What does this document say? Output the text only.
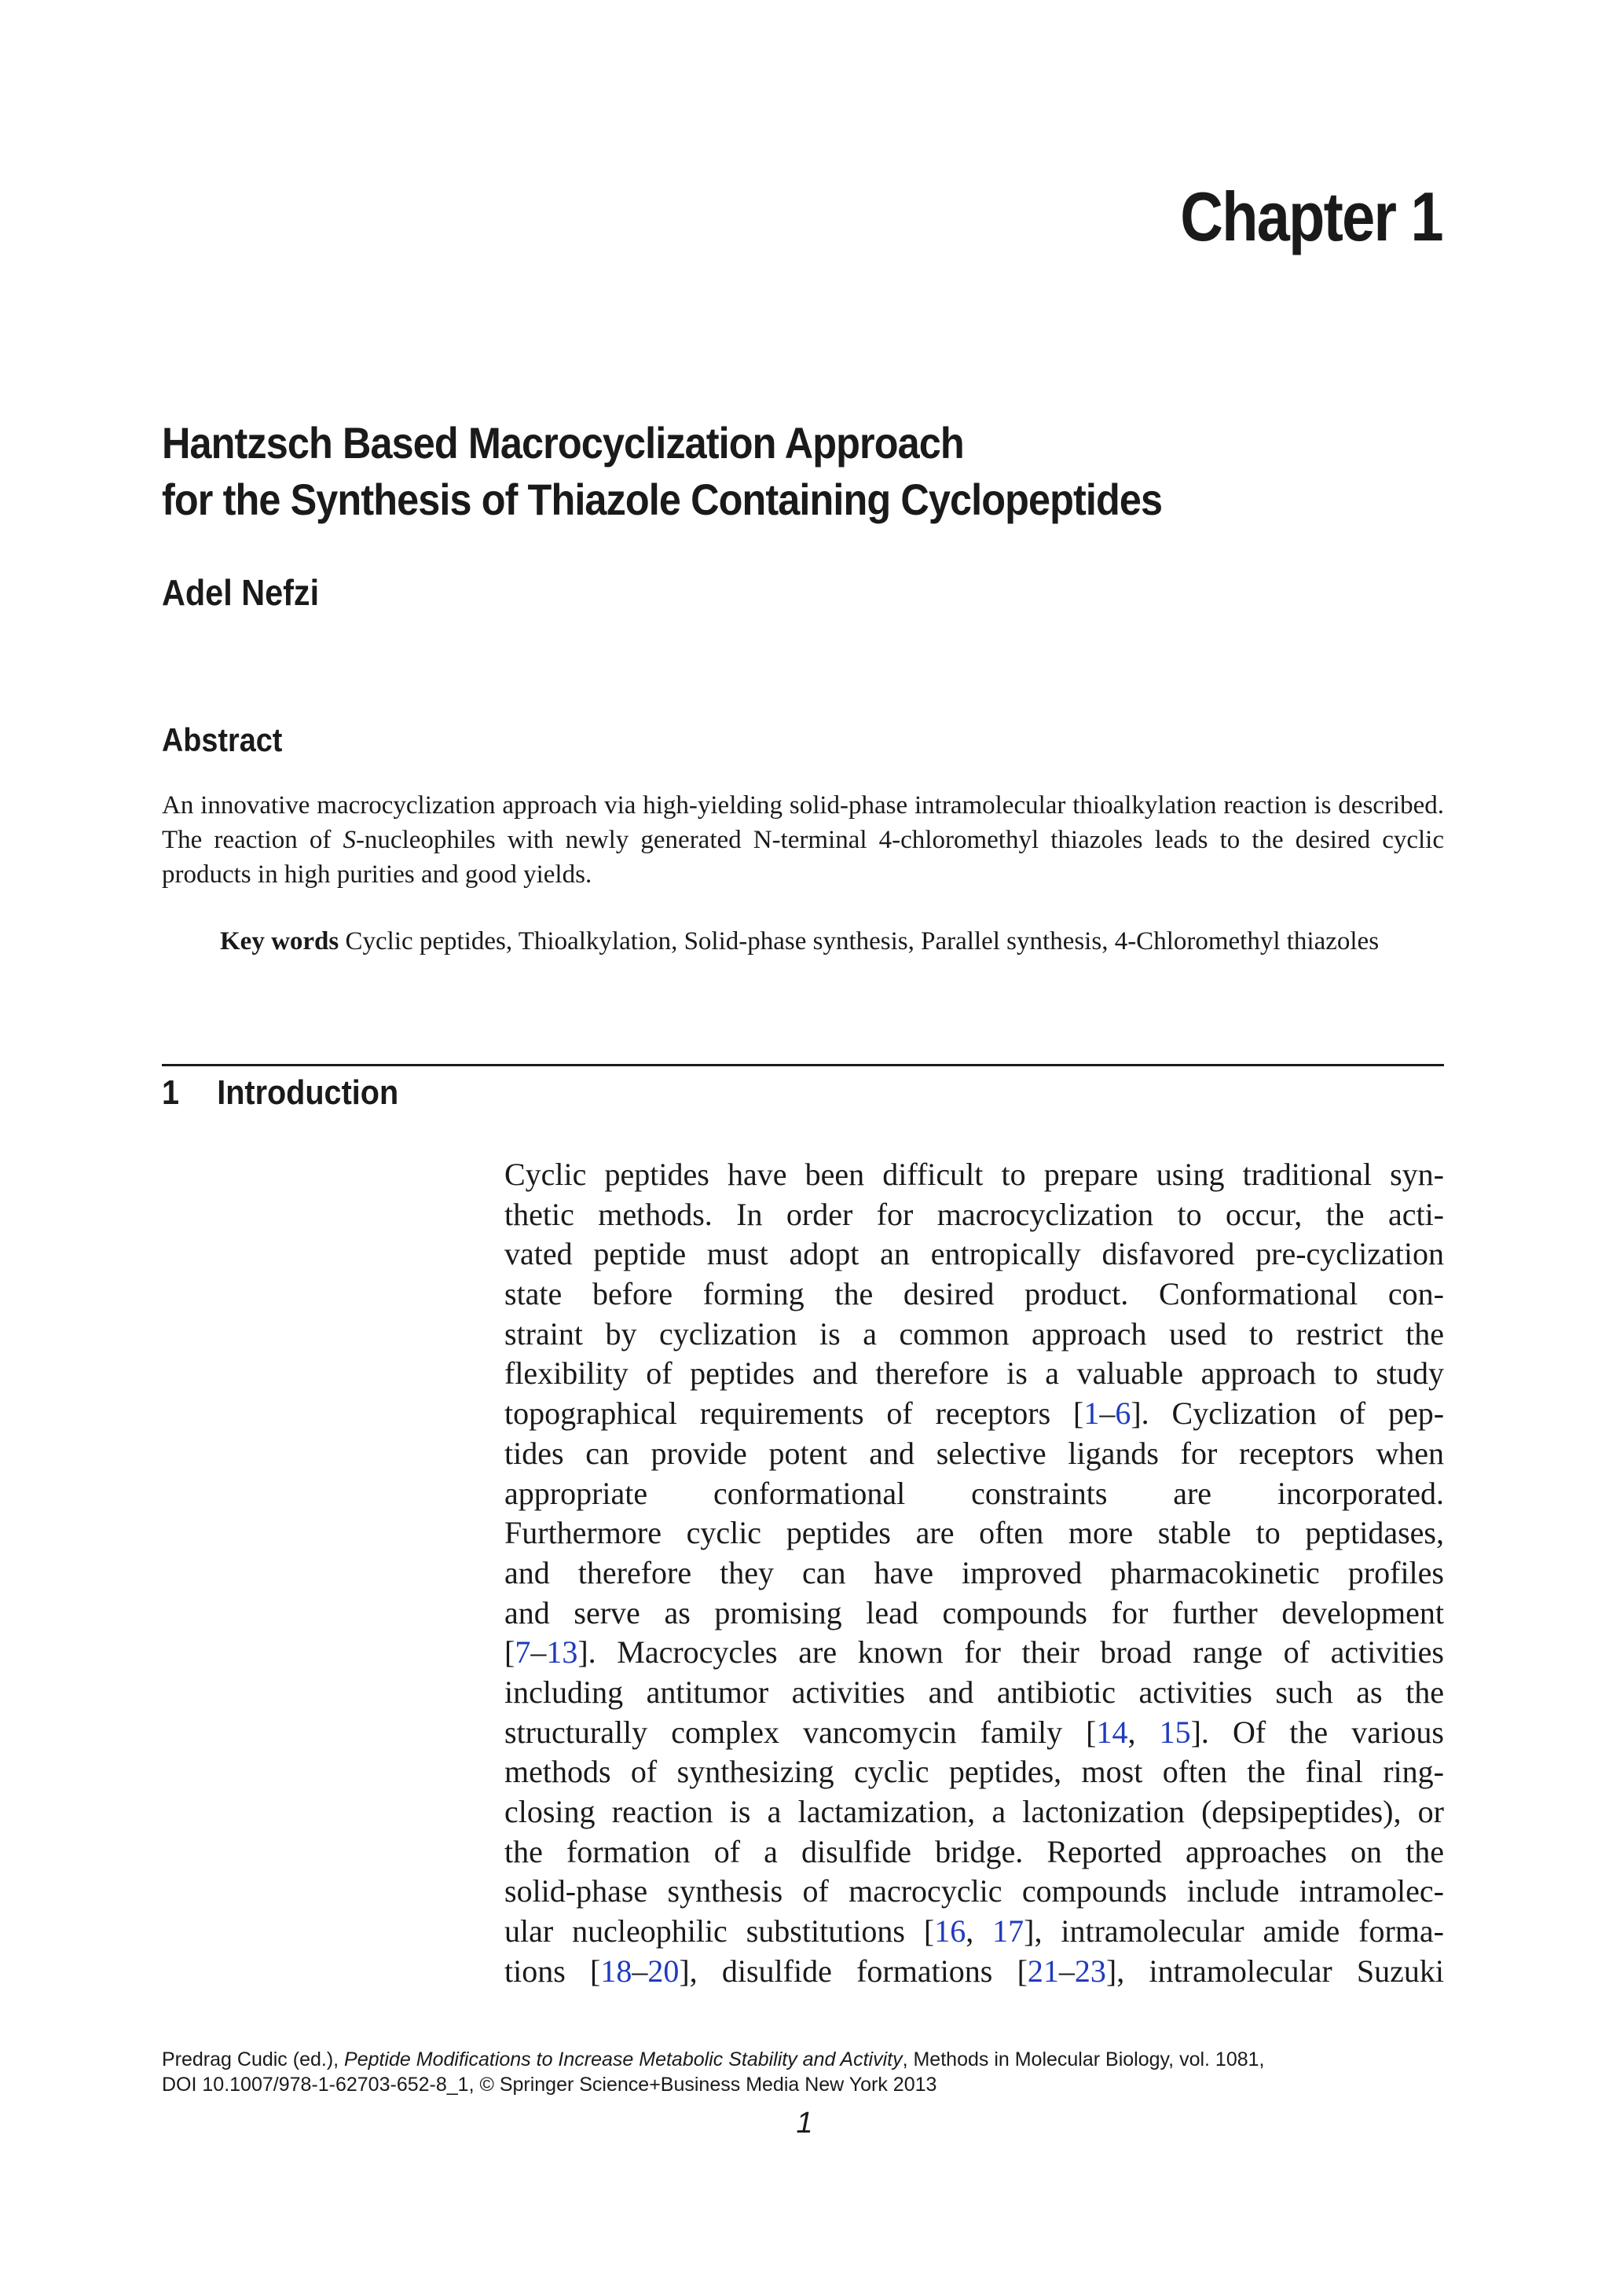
Chapter 1
Hantzsch Based Macrocyclization Approach
for the Synthesis of Thiazole Containing Cyclopeptides
Adel Nefzi
Abstract
An innovative macrocyclization approach via high-yielding solid-phase intramolecular thioalkylation reaction is described. The reaction of S-nucleophiles with newly generated N-terminal 4-chloromethyl thiazoles leads to the desired cyclic products in high purities and good yields.
Key words Cyclic peptides, Thioalkylation, Solid-phase synthesis, Parallel synthesis, 4-Chloromethyl thiazoles
1 Introduction
Cyclic peptides have been difficult to prepare using traditional syn-
thetic methods. In order for macrocyclization to occur, the acti-
vated peptide must adopt an entropically disfavored pre-cyclization
state before forming the desired product. Conformational con-
straint by cyclization is a common approach used to restrict the
flexibility of peptides and therefore is a valuable approach to study
topographical requirements of receptors [1–6]. Cyclization of pep-
tides can provide potent and selective ligands for receptors when
appropriate conformational constraints are incorporated.
Furthermore cyclic peptides are often more stable to peptidases,
and therefore they can have improved pharmacokinetic profiles
and serve as promising lead compounds for further development
[7–13]. Macrocycles are known for their broad range of activities
including antitumor activities and antibiotic activities such as the
structurally complex vancomycin family [14, 15]. Of the various
methods of synthesizing cyclic peptides, most often the final ring-
closing reaction is a lactamization, a lactonization (depsipeptides), or
the formation of a disulfide bridge. Reported approaches on the
solid-phase synthesis of macrocyclic compounds include intramolec-
ular nucleophilic substitutions [16, 17], intramolecular amide forma-
tions [18–20], disulfide formations [21–23], intramolecular Suzuki
Predrag Cudic (ed.), Peptide Modifications to Increase Metabolic Stability and Activity, Methods in Molecular Biology, vol. 1081,
DOI 10.1007/978-1-62703-652-8_1, © Springer Science+Business Media New York 2013
1
